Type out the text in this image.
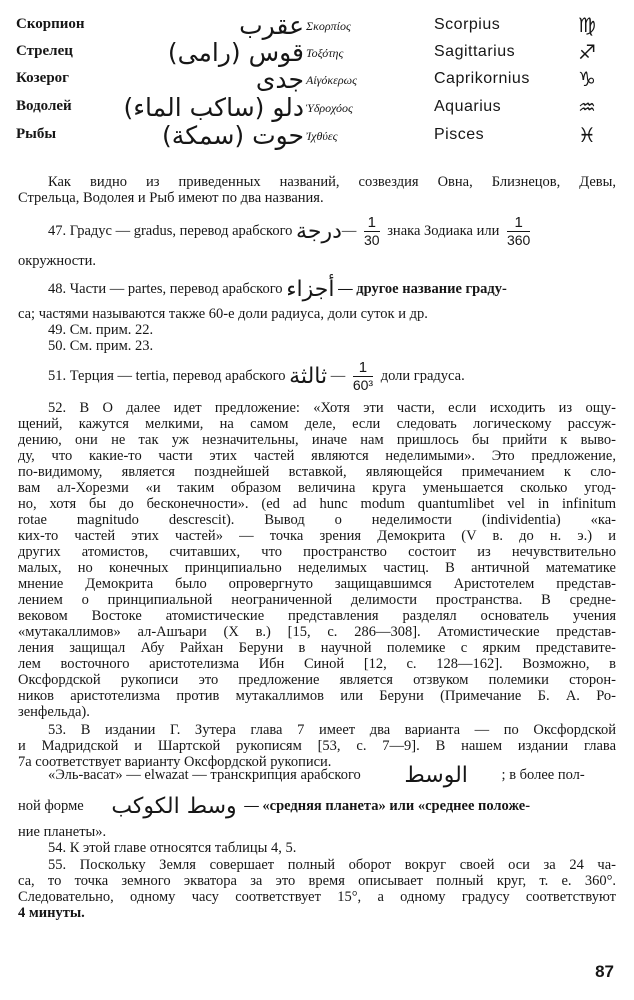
Скорпион	عقرب Σκορπίος	Scorpius	♍
Стрелец	قوس (رامى) Τοξότης	Sagittarius	♐
Козерог	جدى Αἰγόκερως	Caprikornius	♑
Водолей دلو (ساكب الماء) Ὑδροχόος	Aquarius	♒
Рыбы	حوت (سمكة) Ἰχθύες	Pisces	♓
Как видно из приведенных названий, созвездия Овна, Близнецов, Девы,
Стрельца, Водолея и Рыб имеют по два названия.
47. Градус — gradus, перевод арабского درجة— $\frac{1}{30}$ знака Зодиака или $\frac{1}{360}$
окружности.
48. Части — partes, перевод арабского أجزاء — другое название граду-
са; частями называются также 60-е доли радиуса, доли суток и др.
49. См. прим. 22.
50. См. прим. 23.
51. Терция — tertia, перевод арабского ثالثة — $\frac{1}{\text{60³}}$ доли градуса.
52. В О далее идет предложение: «Хотя эти части, если исходить из ощу-
щений, кажутся мелкими, на самом деле, если следовать логическому рассуж-
дению, они не так уж незначительны, иначе нам пришлось бы прийти к выво-
ду, что какие-то части этих частей являются неделимыми». Это предложение,
по-видимому, является позднейшей вставкой, являющейся примечанием к сло-
вам ал-Хорезми «и таким образом величина круга уменьшается сколько угод-
но, хотя бы до бесконечности». (ed ad hunc modum quantumlibet vel in infinitum
rotae magnitudo descrescit). Вывод о неделимости (individentia) «ка-
ких-то частей этих частей» — точка зрения Демокрита (V в. до н. э.) и
других атомистов, считавших, что пространство состоит из нечувствительно
малых, но конечных принципиально неделимых частиц. В античной математике
мнение Демокрита было опровергнуто защищавшимся Аристотелем представ-
лением о принципиальной неограниченной делимости пространства. В средне-
вековом Востоке атомистические представления разделял основатель учения
«мутакаллимов» ал-Ашъари (X в.) [15, с. 286—308]. Атомистические представ-
ления защищал Абу Райхан Беруни в научной полемике с ярким представите-
лем восточного аристотелизма Ибн Синой [12, с. 128—162]. Возможно, в
Оксфордской рукописи это предложение является отзвуком полемики сторон-
ников аристотелизма против мутакаллимов или Беруни (Примечание Б. А. Ро-
зенфельда).
53. В издании Г. Зутера глава 7 имеет два варианта — по Оксфордской
и Мадридской и Шартской рукописям [53, с. 7—9]. В нашем издании глава
7а соответствует варианту Оксфордской рукописи.
«Эль-васат» — elwazat — транскрипция арабского الوسط ; в более пол-
ной форме وسط الكوكب — «средняя планета» или «среднее положе-
ние планеты».
54. К этой главе относятся таблицы 4, 5.
55. Поскольку Земля совершает полный оборот вокруг своей оси за 24 ча-
са, то точка земного экватора за это время описывает полный круг, т. е. 360°.
Следовательно, одному часу соответствует 15°, а одному градусу соответствуют
4 минуты.
87
